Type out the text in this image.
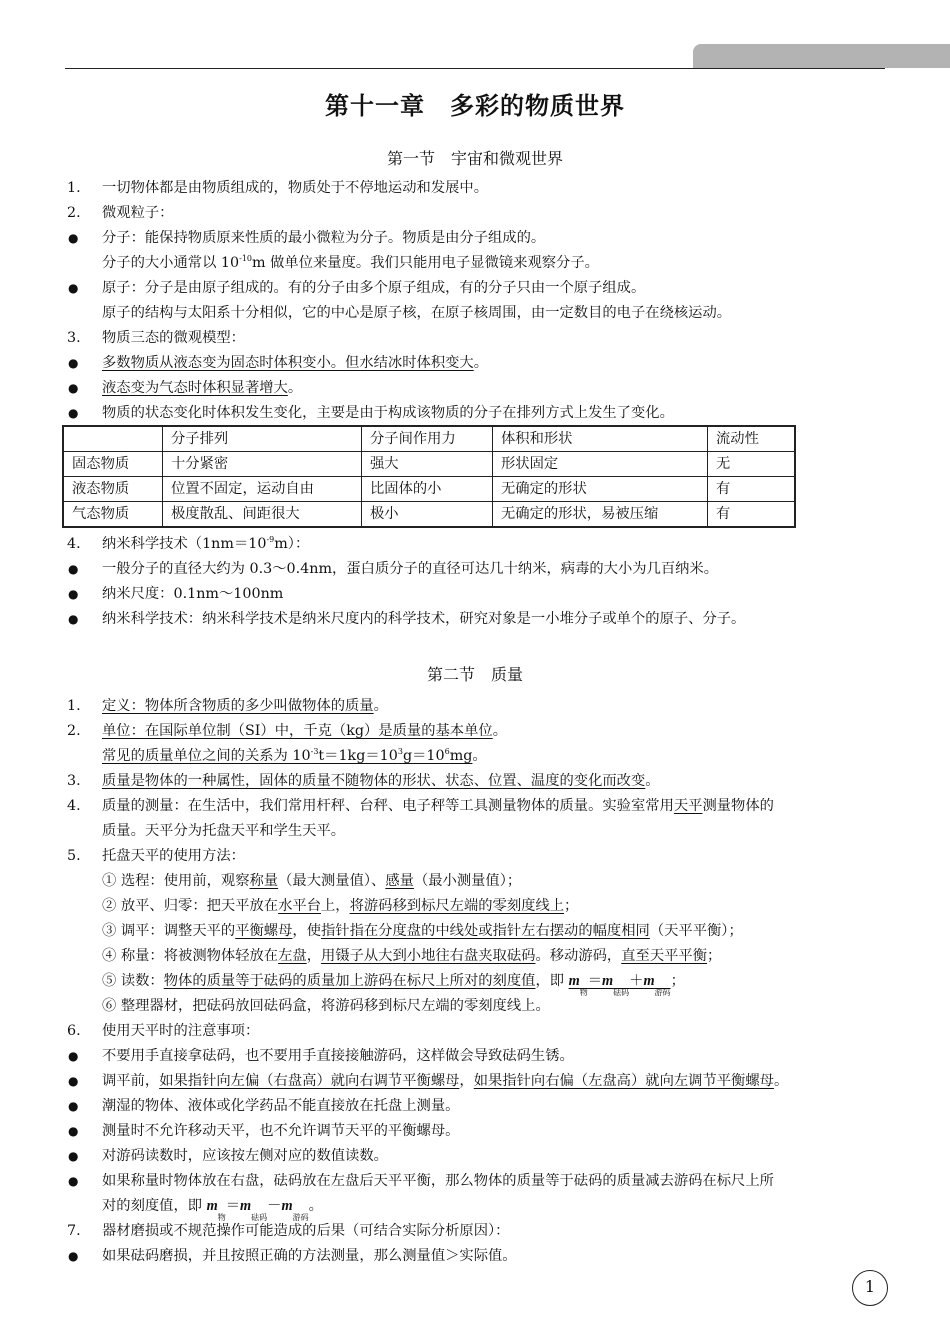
第十一章　多彩的物质世界
第一节　宇宙和微观世界
1. 一切物体都是由物质组成的，物质处于不停地运动和发展中。
2. 微观粒子：
● 分子：能保持物质原来性质的最小微粒为分子。物质是由分子组成的。
分子的大小通常以 $10^{-10}m$ 做单位来量度。我们只能用电子显微镜来观察分子。
● 原子：分子是由原子组成的。有的分子由多个原子组成，有的分子只由一个原子组成。
原子的结构与太阳系十分相似，它的中心是原子核，在原子核周围，由一定数目的电子在绕核运动。
3. 物质三态的微观模型：
● 多数物质从液态变为固态时体积变小。但水结冰时体积变大。
● 液态变为气态时体积显著增大。
● 物质的状态变化时体积发生变化，主要是由于构成该物质的分子在排列方式上发生了变化。
	分子排列	分子间作用力	体积和形状	流动性
固态物质	十分紧密	强大	形状固定	无
液态物质	位置不固定，运动自由	比固体的小	无确定的形状	有
气态物质	极度散乱、间距很大	极小	无确定的形状，易被压缩	有
4. 纳米科学技术$(1nm=10^{-9}m)$：
● 一般分子的直径大约为 0.3～0.4nm，蛋白质分子的直径可达几十纳米，病毒的大小为几百纳米。
● 纳米尺度：0.1nm～100nm
● 纳米科学技术：纳米科学技术是纳米尺度内的科学技术，研究对象是一小堆分子或单个的原子、分子。
第二节　质量
1. 定义：物体所含物质的多少叫做物体的质量。
2. 单位：在国际单位制（SI）中，千克（kg）是质量的基本单位。
常见的质量单位之间的关系为 $10^{-3}t=1kg=10^3g=10^6mg$。
3. 质量是物体的一种属性，固体的质量不随物体的形状、状态、位置、温度的变化而改变。
4. 质量的测量：在生活中，我们常用杆秤、台秤、电子秤等工具测量物体的质量。实验室常用天平测量物体的
质量。天平分为托盘天平和学生天平。
5. 托盘天平的使用方法：
① 选程：使用前，观察称量（最大测量值）、感量（最小测量值）；
② 放平、归零：把天平放在水平台上，将游码移到标尺左端的零刻度线上；
③ 调平：调整天平的平衡螺母，使指针指在分度盘的中线处或指针左右摆动的幅度相同（天平平衡）；
④ 称量：将被测物体轻放在左盘，用镊子从大到小地往右盘夹取砝码。移动游码，直至天平平衡；
⑤ 读数：物体的质量等于砝码的质量加上游码在标尺上所对的刻度值，即 $m_物=m_{砝码}+m_{游码}$；
⑥ 整理器材，把砝码放回砝码盒，将游码移到标尺左端的零刻度线上。
6. 使用天平时的注意事项：
● 不要用手直接拿砝码，也不要用手直接接触游码，这样做会导致砝码生锈。
● 调平前，如果指针向左偏（右盘高）就向右调节平衡螺母，如果指针向右偏（左盘高）就向左调节平衡螺母。
● 潮湿的物体、液体或化学药品不能直接放在托盘上测量。
● 测量时不允许移动天平，也不允许调节天平的平衡螺母。
● 对游码读数时，应该按左侧对应的数值读数。
● 如果称量时物体放在右盘，砝码放在左盘后天平平衡，那么物体的质量等于砝码的质量减去游码在标尺上所
对的刻度值，即 $m_物=m_{砝码}-m_{游码}$。
7. 器材磨损或不规范操作可能造成的后果（可结合实际分析原因）：
● 如果砝码磨损，并且按照正确的方法测量，那么测量值＞实际值。
1
